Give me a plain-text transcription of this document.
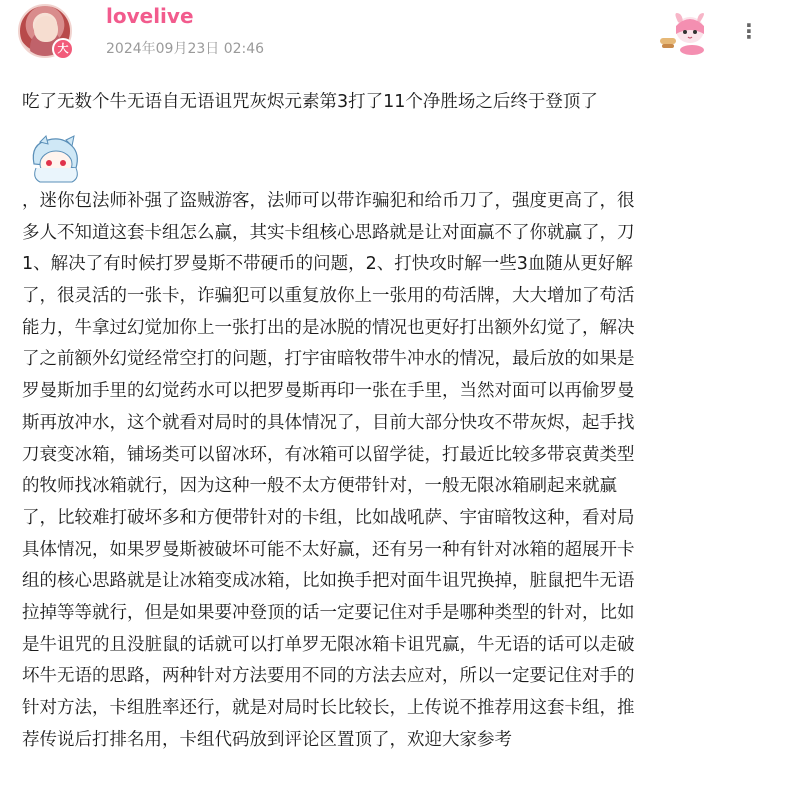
大
lovelive
2024年09月23日 02:46
⋮
吃了无数个牛无语自无语诅咒灰烬元素第3打了11个净胜场之后终于登顶了
，迷你包法师补强了盗贼游客，法师可以带诈骗犯和给币刀了，强度更高了，很
多人不知道这套卡组怎么赢，其实卡组核心思路就是让对面赢不了你就赢了，刀
1、解决了有时候打罗曼斯不带硬币的问题，2、打快攻时解一些3血随从更好解
了，很灵活的一张卡，诈骗犯可以重复放你上一张用的苟活牌，大大增加了苟活
能力，牛拿过幻觉加你上一张打出的是冰脱的情况也更好打出额外幻觉了，解决
了之前额外幻觉经常空打的问题，打宇宙暗牧带牛冲水的情况，最后放的如果是
罗曼斯加手里的幻觉药水可以把罗曼斯再印一张在手里，当然对面可以再偷罗曼
斯再放冲水，这个就看对局时的具体情况了，目前大部分快攻不带灰烬，起手找
刀衰变冰箱，铺场类可以留冰环，有冰箱可以留学徒，打最近比较多带哀黄类型
的牧师找冰箱就行，因为这种一般不太方便带针对，一般无限冰箱刷起来就赢
了，比较难打破坏多和方便带针对的卡组，比如战吼萨、宇宙暗牧这种，看对局
具体情况，如果罗曼斯被破坏可能不太好赢，还有另一种有针对冰箱的超展开卡
组的核心思路就是让冰箱变成冰箱，比如换手把对面牛诅咒换掉，脏鼠把牛无语
拉掉等等就行，但是如果要冲登顶的话一定要记住对手是哪种类型的针对，比如
是牛诅咒的且没脏鼠的话就可以打单罗无限冰箱卡诅咒赢，牛无语的话可以走破
坏牛无语的思路，两种针对方法要用不同的方法去应对，所以一定要记住对手的
针对方法，卡组胜率还行，就是对局时长比较长，上传说不推荐用这套卡组，推
荐传说后打排名用，卡组代码放到评论区置顶了，欢迎大家参考
